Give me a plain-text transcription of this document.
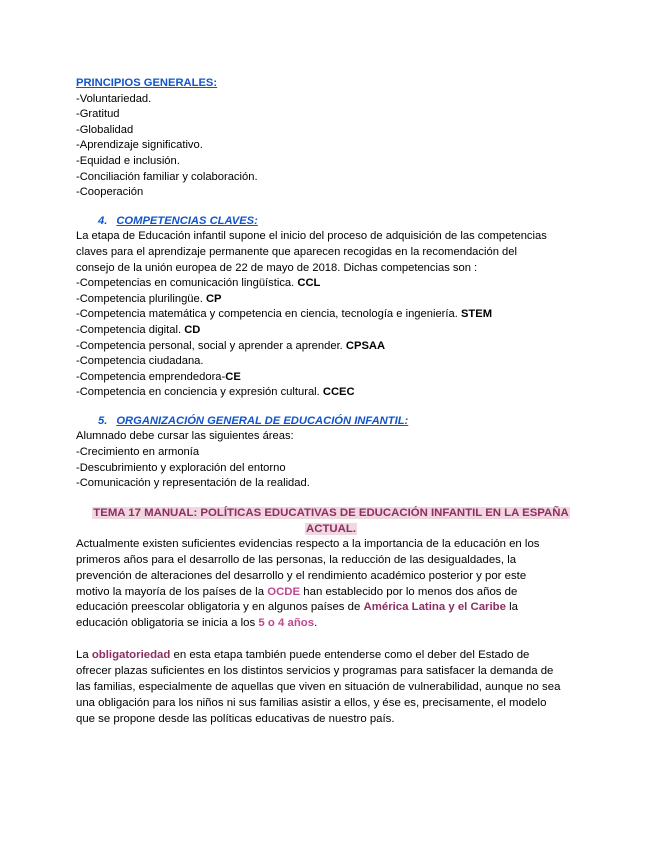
PRINCIPIOS GENERALES:
-Voluntariedad.
-Gratitud
-Globalidad
-Aprendizaje significativo.
-Equidad e inclusión.
-Conciliación familiar y colaboración.
-Cooperación
4. COMPETENCIAS CLAVES:
La etapa de Educación infantil supone el inicio del proceso de adquisición de las competencias
claves para el aprendizaje permanente que aparecen recogidas en la recomendación del
consejo de la unión europea de 22 de mayo de 2018. Dichas competencias son :
-Competencias en comunicación lingüística. CCL
-Competencia plurilingüe. CP
-Competencia matemática y competencia en ciencia, tecnología e ingeniería. STEM
-Competencia digital. CD
-Competencia personal, social y aprender a aprender. CPSAA
-Competencia ciudadana.
-Competencia emprendedora-CE
-Competencia en conciencia y expresión cultural. CCEC
5. ORGANIZACIÓN GENERAL DE EDUCACIÓN INFANTIL:
Alumnado debe cursar las siguientes áreas:
-Crecimiento en armonía
-Descubrimiento y exploración del entorno
-Comunicación y representación de la realidad.
TEMA 17 MANUAL: POLÍTICAS EDUCATIVAS DE EDUCACIÓN INFANTIL EN LA ESPAÑA
ACTUAL.
Actualmente existen suficientes evidencias respecto a la importancia de la educación en los
primeros años para el desarrollo de las personas, la reducción de las desigualdades, la
prevención de alteraciones del desarrollo y el rendimiento académico posterior y por este
motivo la mayoría de los países de la OCDE han establecido por lo menos dos años de
educación preescolar obligatoria y en algunos países de América Latina y el Caribe la
educación obligatoria se inicia a los 5 o 4 años.
La obligatoriedad en esta etapa también puede entenderse como el deber del Estado de
ofrecer plazas suficientes en los distintos servicios y programas para satisfacer la demanda de
las familias, especialmente de aquellas que viven en situación de vulnerabilidad, aunque no sea
una obligación para los niños ni sus familias asistir a ellos, y ése es, precisamente, el modelo
que se propone desde las políticas educativas de nuestro país.
